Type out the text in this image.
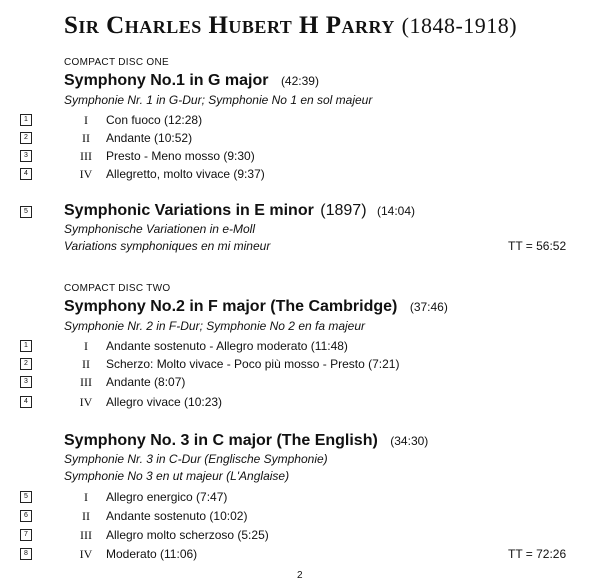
Sir Charles Hubert H Parry (1848-1918)
COMPACT DISC ONE
Symphony No.1 in G major (42:39)
Symphonie Nr. 1 in G-Dur; Symphonie No 1 en sol majeur
1	I	Con fuoco (12:28)
2	II	Andante (10:52)
3	III	Presto - Meno mosso (9:30)
4	IV	Allegretto, molto vivace (9:37)
5 Symphonic Variations in E minor (1897) (14:04)
Symphonische Variationen in e-Moll
Variations symphoniques en mi mineur	TT = 56:52
COMPACT DISC TWO
Symphony No.2 in F major (The Cambridge) (37:46)
Symphonie Nr. 2 in F-Dur; Symphonie No 2 en fa majeur
1	I	Andante sostenuto - Allegro moderato (11:48)
2	II	Scherzo: Molto vivace - Poco più mosso - Presto (7:21)
3	III	Andante (8:07)
4	IV	Allegro vivace (10:23)
Symphony No. 3 in C major (The English) (34:30)
Symphonie Nr. 3 in C-Dur (Englische Symphonie)
Symphonie No 3 en ut majeur (L'Anglaise)
5	I	Allegro energico (7:47)
6	II	Andante sostenuto (10:02)
7	III	Allegro molto scherzoso (5:25)
8	IV	Moderato (11:06)	TT = 72:26
2
